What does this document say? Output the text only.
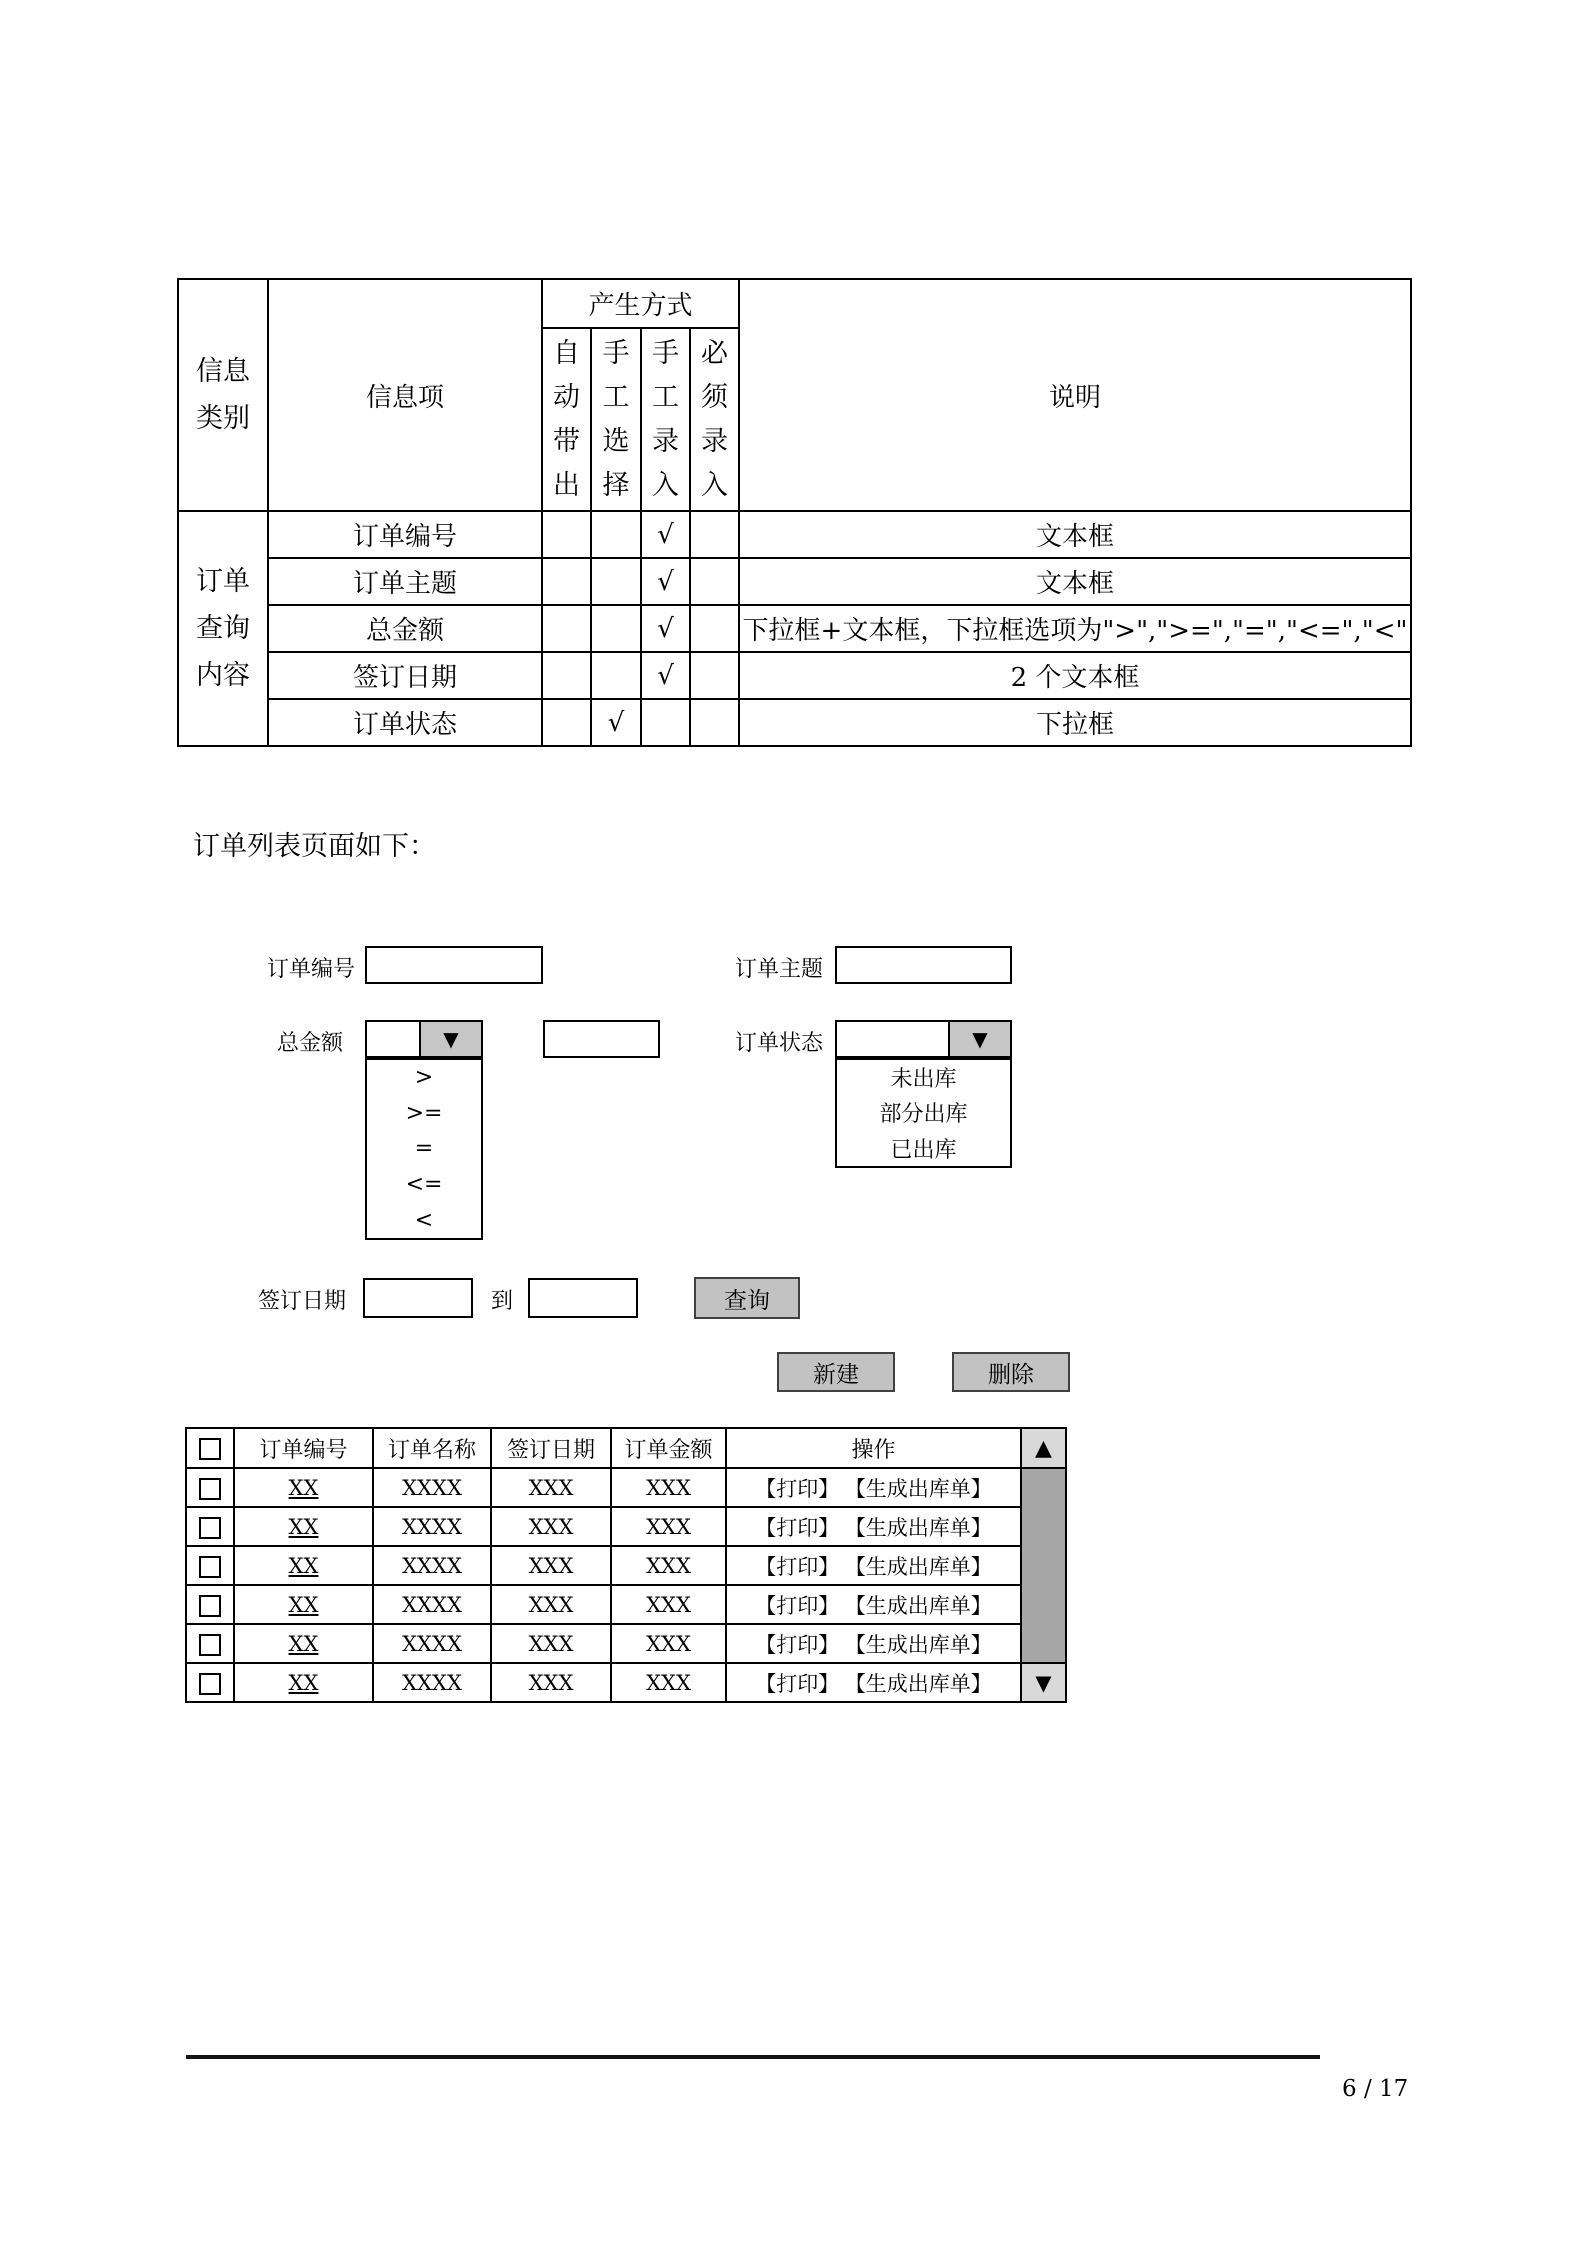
信息类别	信息项	产生方式				说明

		自动带出	手工选择	手工录入	必须录入	

订单查询内容	订单编号			√		文本框
	订单主题			√		文本框
	总金额			√		下拉框+文本框，下拉框选项为">",">=","=","<=","<"
	签订日期			√		2 个文本框
	订单状态		√			下拉框
订单列表页面如下：
订单编号	订单主题
总金额	▼
>
>=
=
<=
<
订单状态	▼
未出库
部分出库
已出库
签订日期	到	查询
新建	删除
	订单编号	订单名称	签订日期	订单金额	操作	▲
	XX	XXXX	XXX	XXX	【打印】 【生成出库单】	
	XX	XXXX	XXX	XXX	【打印】 【生成出库单】	
	XX	XXXX	XXX	XXX	【打印】 【生成出库单】	
	XX	XXXX	XXX	XXX	【打印】 【生成出库单】	
	XX	XXXX	XXX	XXX	【打印】 【生成出库单】	
	XX	XXXX	XXX	XXX	【打印】 【生成出库单】	▼
6 / 17
